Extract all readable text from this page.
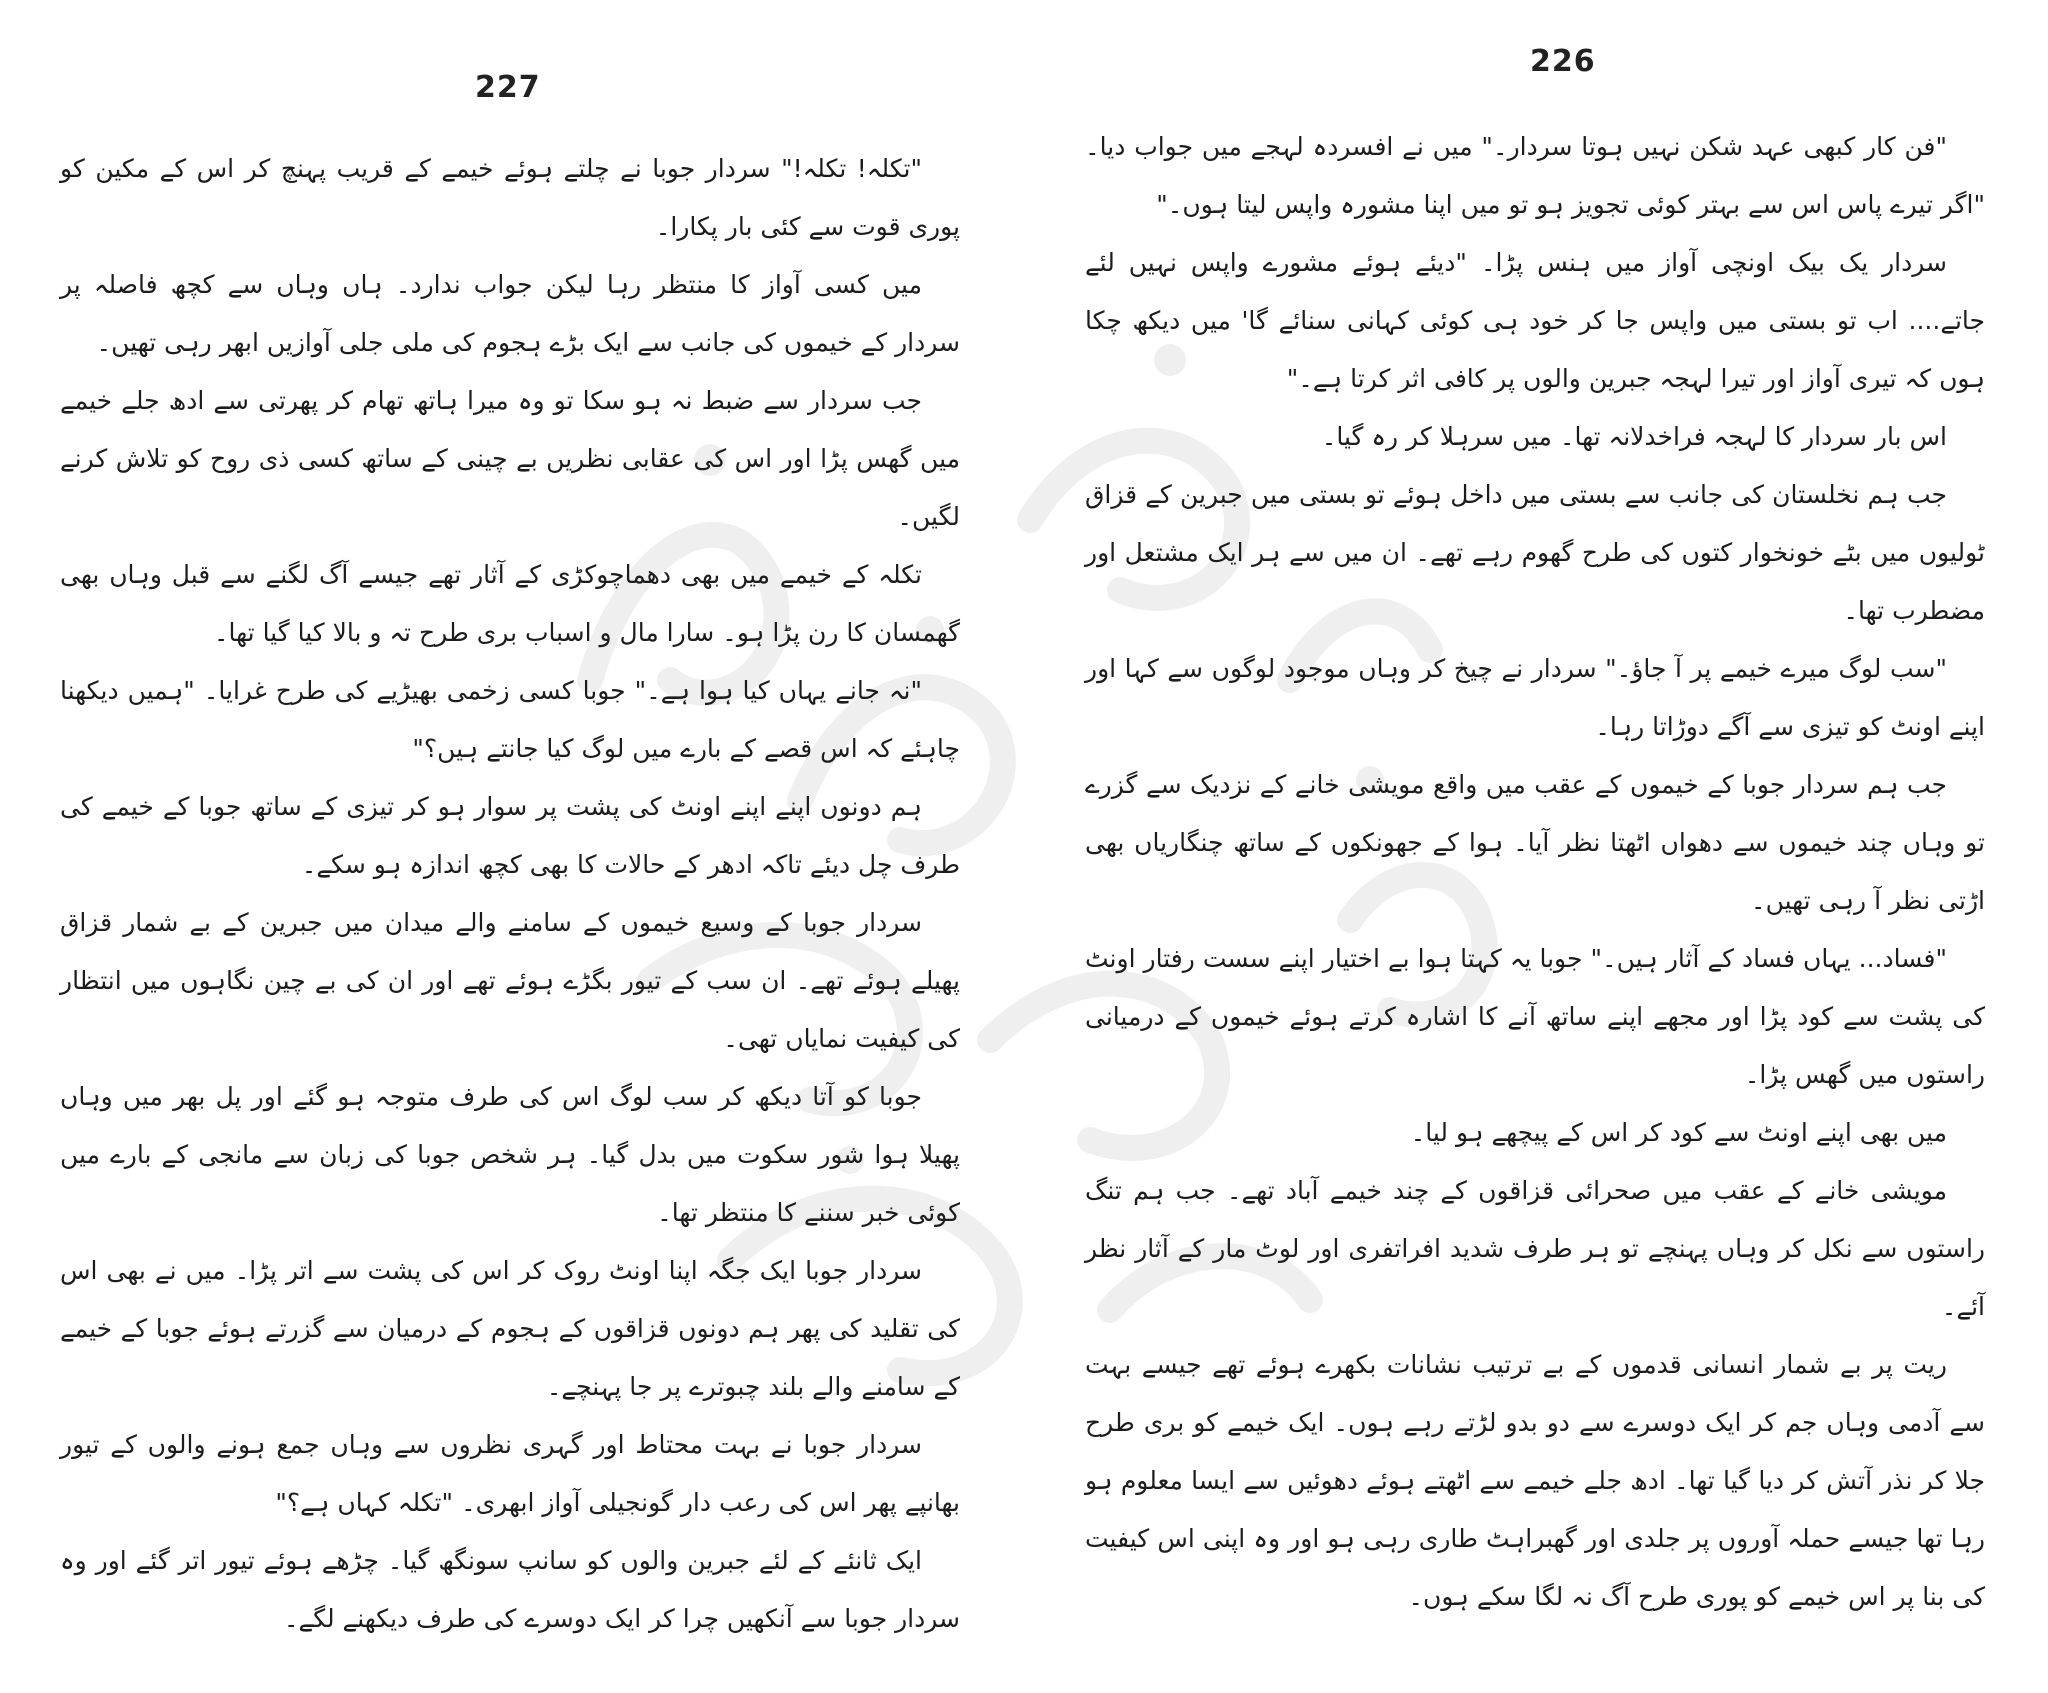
227

"تکلہ! تکلہ!" سردار جوبا نے چلتے ہوئے خیمے کے قریب پہنچ کر اس کے مکین کو پوری قوت سے کئی بار پکارا۔

میں کسی آواز کا منتظر رہا لیکن جواب ندارد۔ ہاں وہاں سے کچھ فاصلہ پر سردار کے خیموں کی جانب سے ایک بڑے ہجوم کی ملی جلی آوازیں ابھر رہی تھیں۔

جب سردار سے ضبط نہ ہو سکا تو وہ میرا ہاتھ تھام کر پھرتی سے ادھ جلے خیمے میں گھس پڑا اور اس کی عقابی نظریں بے چینی کے ساتھ کسی ذی روح کو تلاش کرنے لگیں۔

تکلہ کے خیمے میں بھی دھماچوکڑی کے آثار تھے جیسے آگ لگنے سے قبل وہاں بھی گھمسان کا رن پڑا ہو۔ سارا مال و اسباب بری طرح تہ و بالا کیا گیا تھا۔

"نہ جانے یہاں کیا ہوا ہے۔" جوبا کسی زخمی بھیڑیے کی طرح غرایا۔ "ہمیں دیکھنا چاہئے کہ اس قصے کے بارے میں لوگ کیا جانتے ہیں؟"

ہم دونوں اپنے اپنے اونٹ کی پشت پر سوار ہو کر تیزی کے ساتھ جوبا کے خیمے کی طرف چل دیئے تاکہ ادھر کے حالات کا بھی کچھ اندازہ ہو سکے۔

سردار جوبا کے وسیع خیموں کے سامنے والے میدان میں جبرین کے بے شمار قزاق پھیلے ہوئے تھے۔ ان سب کے تیور بگڑے ہوئے تھے اور ان کی بے چین نگاہوں میں انتظار کی کیفیت نمایاں تھی۔

جوبا کو آتا دیکھ کر سب لوگ اس کی طرف متوجہ ہو گئے اور پل بھر میں وہاں پھیلا ہوا شور سکوت میں بدل گیا۔ ہر شخص جوبا کی زبان سے مانجی کے بارے میں کوئی خبر سننے کا منتظر تھا۔

سردار جوبا ایک جگہ اپنا اونٹ روک کر اس کی پشت سے اتر پڑا۔ میں نے بھی اس کی تقلید کی پھر ہم دونوں قزاقوں کے ہجوم کے درمیان سے گزرتے ہوئے جوبا کے خیمے کے سامنے والے بلند چبوترے پر جا پہنچے۔

سردار جوبا نے بہت محتاط اور گہری نظروں سے وہاں جمع ہونے والوں کے تیور بھانپے پھر اس کی رعب دار گونجیلی آواز ابھری۔ "تکلہ کہاں ہے؟"

ایک ثانئے کے لئے جبرین والوں کو سانپ سونگھ گیا۔ چڑھے ہوئے تیور اتر گئے اور وہ سردار جوبا سے آنکھیں چرا کر ایک دوسرے کی طرف دیکھنے لگے۔

226

"فن کار کبھی عہد شکن نہیں ہوتا سردار۔" میں نے افسردہ لہجے میں جواب دیا۔ "اگر تیرے پاس اس سے بہتر کوئی تجویز ہو تو میں اپنا مشورہ واپس لیتا ہوں۔"

سردار یک بیک اونچی آواز میں ہنس پڑا۔ "دیئے ہوئے مشورے واپس نہیں لئے جاتے.... اب تو بستی میں واپس جا کر خود ہی کوئی کہانی سنائے گا' میں دیکھ چکا ہوں کہ تیری آواز اور تیرا لہجہ جبرین والوں پر کافی اثر کرتا ہے۔"

اس بار سردار کا لہجہ فراخدلانہ تھا۔ میں سرہلا کر رہ گیا۔

جب ہم نخلستان کی جانب سے بستی میں داخل ہوئے تو بستی میں جبرین کے قزاق ٹولیوں میں بٹے خونخوار کتوں کی طرح گھوم رہے تھے۔ ان میں سے ہر ایک مشتعل اور مضطرب تھا۔

"سب لوگ میرے خیمے پر آ جاؤ۔" سردار نے چیخ کر وہاں موجود لوگوں سے کہا اور اپنے اونٹ کو تیزی سے آگے دوڑاتا رہا۔

جب ہم سردار جوبا کے خیموں کے عقب میں واقع مویشی خانے کے نزدیک سے گزرے تو وہاں چند خیموں سے دھواں اٹھتا نظر آیا۔ ہوا کے جھونکوں کے ساتھ چنگاریاں بھی اڑتی نظر آ رہی تھیں۔

"فساد... یہاں فساد کے آثار ہیں۔" جوبا یہ کہتا ہوا بے اختیار اپنے سست رفتار اونٹ کی پشت سے کود پڑا اور مجھے اپنے ساتھ آنے کا اشارہ کرتے ہوئے خیموں کے درمیانی راستوں میں گھس پڑا۔

میں بھی اپنے اونٹ سے کود کر اس کے پیچھے ہو لیا۔

مویشی خانے کے عقب میں صحرائی قزاقوں کے چند خیمے آباد تھے۔ جب ہم تنگ راستوں سے نکل کر وہاں پہنچے تو ہر طرف شدید افراتفری اور لوٹ مار کے آثار نظر آئے۔

ریت پر بے شمار انسانی قدموں کے بے ترتیب نشانات بکھرے ہوئے تھے جیسے بہت سے آدمی وہاں جم کر ایک دوسرے سے دو بدو لڑتے رہے ہوں۔ ایک خیمے کو بری طرح جلا کر نذر آتش کر دیا گیا تھا۔ ادھ جلے خیمے سے اٹھتے ہوئے دھوئیں سے ایسا معلوم ہو رہا تھا جیسے حملہ آوروں پر جلدی اور گھبراہٹ طاری رہی ہو اور وہ اپنی اس کیفیت کی بنا پر اس خیمے کو پوری طرح آگ نہ لگا سکے ہوں۔
